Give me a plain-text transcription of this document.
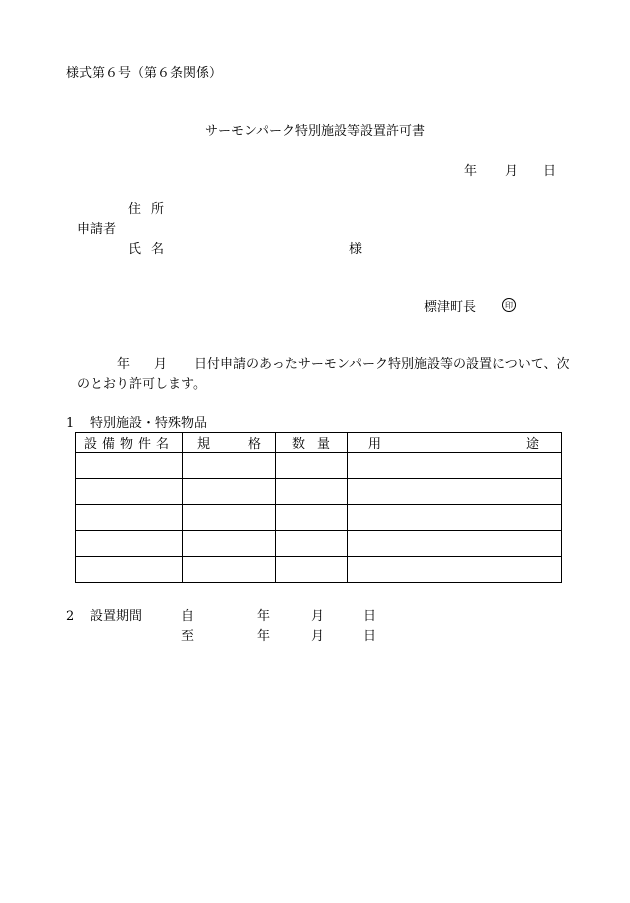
様式第６号（第６条関係）
サーモンパーク特別施設等設置許可書
年 月 日
住所
申請者
氏名	様
標津町長	印
年 月 日付申請のあったサーモンパーク特別施設等の設置について、次
のとおり許可します。
1 特別施設・特殊物品
設備物件名	規 格	数量	用 途

2 設置期間	自	年	月	日
至	年	月	日
